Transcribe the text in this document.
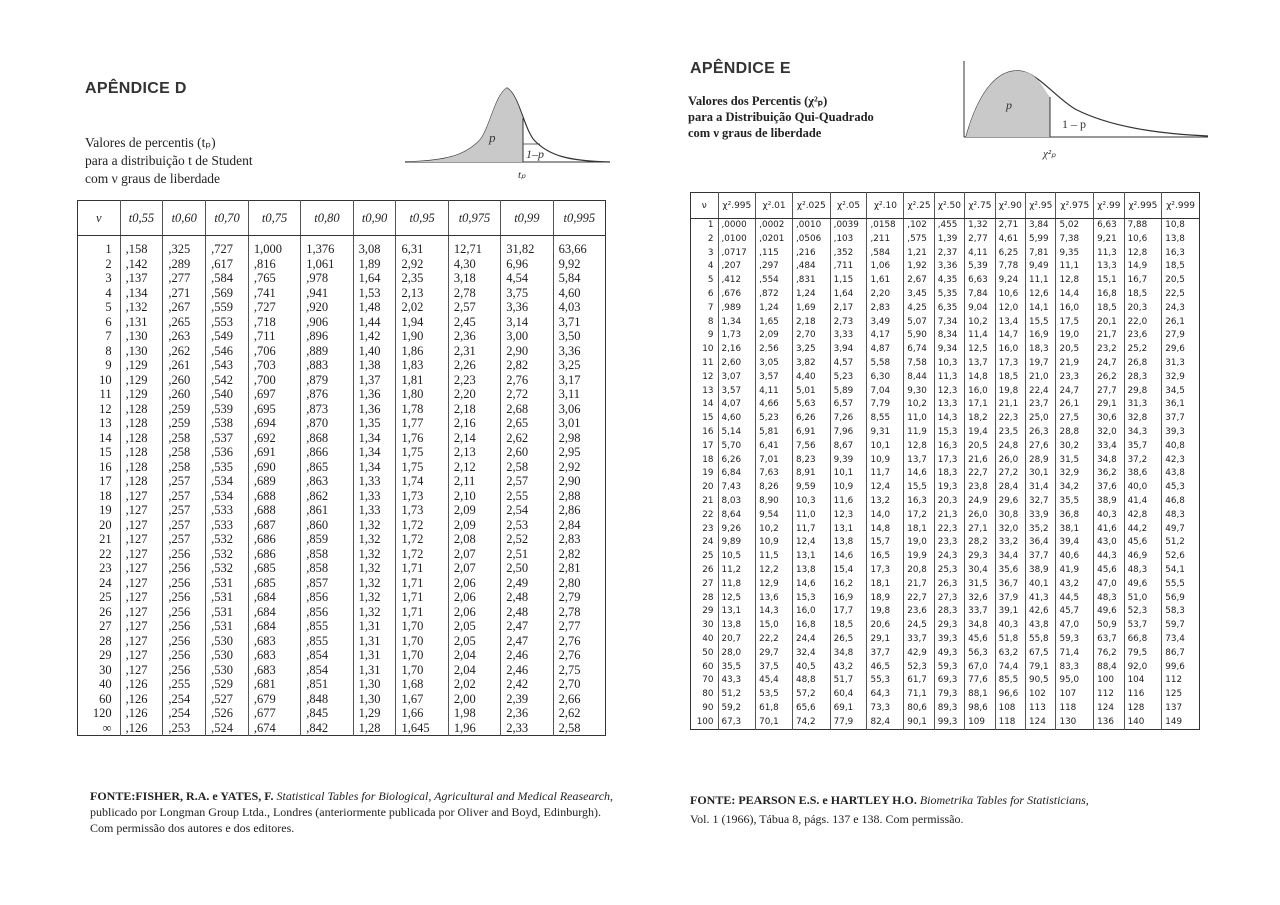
APÊNDICE D
Valores de percentis (tₚ)
para a distribuição t de Student
com ν graus de liberdade
p
1–p
tₚ
ν	t0,55	t0,60	t0,70	t0,75	t0,80	t0,90	t0,95	t0,975	t0,99	t0,995
1	,158	,325	,727	1,000	1,376	3,08	6,31	12,71	31,82	63,66
2	,142	,289	,617	,816	1,061	1,89	2,92	4,30	6,96	9,92
3	,137	,277	,584	,765	,978	1,64	2,35	3,18	4,54	5,84
4	,134	,271	,569	,741	,941	1,53	2,13	2,78	3,75	4,60
5	,132	,267	,559	,727	,920	1,48	2,02	2,57	3,36	4,03
6	,131	,265	,553	,718	,906	1,44	1,94	2,45	3,14	3,71
7	,130	,263	,549	,711	,896	1,42	1,90	2,36	3,00	3,50
8	,130	,262	,546	,706	,889	1,40	1,86	2,31	2,90	3,36
9	,129	,261	,543	,703	,883	1,38	1,83	2,26	2,82	3,25
10	,129	,260	,542	,700	,879	1,37	1,81	2,23	2,76	3,17
11	,129	,260	,540	,697	,876	1,36	1,80	2,20	2,72	3,11
12	,128	,259	,539	,695	,873	1,36	1,78	2,18	2,68	3,06
13	,128	,259	,538	,694	,870	1,35	1,77	2,16	2,65	3,01
14	,128	,258	,537	,692	,868	1,34	1,76	2,14	2,62	2,98
15	,128	,258	,536	,691	,866	1,34	1,75	2,13	2,60	2,95
16	,128	,258	,535	,690	,865	1,34	1,75	2,12	2,58	2,92
17	,128	,257	,534	,689	,863	1,33	1,74	2,11	2,57	2,90
18	,127	,257	,534	,688	,862	1,33	1,73	2,10	2,55	2,88
19	,127	,257	,533	,688	,861	1,33	1,73	2,09	2,54	2,86
20	,127	,257	,533	,687	,860	1,32	1,72	2,09	2,53	2,84
21	,127	,257	,532	,686	,859	1,32	1,72	2,08	2,52	2,83
22	,127	,256	,532	,686	,858	1,32	1,72	2,07	2,51	2,82
23	,127	,256	,532	,685	,858	1,32	1,71	2,07	2,50	2,81
24	,127	,256	,531	,685	,857	1,32	1,71	2,06	2,49	2,80
25	,127	,256	,531	,684	,856	1,32	1,71	2,06	2,48	2,79
26	,127	,256	,531	,684	,856	1,32	1,71	2,06	2,48	2,78
27	,127	,256	,531	,684	,855	1,31	1,70	2,05	2,47	2,77
28	,127	,256	,530	,683	,855	1,31	1,70	2,05	2,47	2,76
29	,127	,256	,530	,683	,854	1,31	1,70	2,04	2,46	2,76
30	,127	,256	,530	,683	,854	1,31	1,70	2,04	2,46	2,75
40	,126	,255	,529	,681	,851	1,30	1,68	2,02	2,42	2,70
60	,126	,254	,527	,679	,848	1,30	1,67	2,00	2,39	2,66
120	,126	,254	,526	,677	,845	1,29	1,66	1,98	2,36	2,62
∞	,126	,253	,524	,674	,842	1,28	1,645	1,96	2,33	2,58
FONTE:FISHER, R.A. e YATES, F. Statistical Tables for Biological, Agricultural and Medical Reasearch, publicado por Longman Group Ltda., Londres (anteriormente publicada por Oliver and Boyd, Edinburgh). Com permissão dos autores e dos editores.
APÊNDICE E
Valores dos Percentis (χ²ₚ)
para a Distribuição Qui-Quadrado
com ν graus de liberdade
p
1 – p
χ²ₚ
ν	χ².995	χ².01	χ².025	χ².05	χ².10	χ².25	χ².50	χ².75	χ².90	χ².95	χ².975	χ².99	χ².995	χ².999
1	,0000	,0002	,0010	,0039	,0158	,102	,455	1,32	2,71	3,84	5,02	6,63	7,88	10,8
2	,0100	,0201	,0506	,103	,211	,575	1,39	2,77	4,61	5,99	7,38	9,21	10,6	13,8
3	,0717	,115	,216	,352	,584	1,21	2,37	4,11	6,25	7,81	9,35	11,3	12,8	16,3
4	,207	,297	,484	,711	1,06	1,92	3,36	5,39	7,78	9,49	11,1	13,3	14,9	18,5
5	,412	,554	,831	1,15	1,61	2,67	4,35	6,63	9,24	11,1	12,8	15,1	16,7	20,5
6	,676	,872	1,24	1,64	2,20	3,45	5,35	7,84	10,6	12,6	14,4	16,8	18,5	22,5
7	,989	1,24	1,69	2,17	2,83	4,25	6,35	9,04	12,0	14,1	16,0	18,5	20,3	24,3
8	1,34	1,65	2,18	2,73	3,49	5,07	7,34	10,2	13,4	15,5	17,5	20,1	22,0	26,1
9	1,73	2,09	2,70	3,33	4,17	5,90	8,34	11,4	14,7	16,9	19,0	21,7	23,6	27,9
10	2,16	2,56	3,25	3,94	4,87	6,74	9,34	12,5	16,0	18,3	20,5	23,2	25,2	29,6
11	2,60	3,05	3,82	4,57	5,58	7,58	10,3	13,7	17,3	19,7	21,9	24,7	26,8	31,3
12	3,07	3,57	4,40	5,23	6,30	8,44	11,3	14,8	18,5	21,0	23,3	26,2	28,3	32,9
13	3,57	4,11	5,01	5,89	7,04	9,30	12,3	16,0	19,8	22,4	24,7	27,7	29,8	34,5
14	4,07	4,66	5,63	6,57	7,79	10,2	13,3	17,1	21,1	23,7	26,1	29,1	31,3	36,1
15	4,60	5,23	6,26	7,26	8,55	11,0	14,3	18,2	22,3	25,0	27,5	30,6	32,8	37,7
16	5,14	5,81	6,91	7,96	9,31	11,9	15,3	19,4	23,5	26,3	28,8	32,0	34,3	39,3
17	5,70	6,41	7,56	8,67	10,1	12,8	16,3	20,5	24,8	27,6	30,2	33,4	35,7	40,8
18	6,26	7,01	8,23	9,39	10,9	13,7	17,3	21,6	26,0	28,9	31,5	34,8	37,2	42,3
19	6,84	7,63	8,91	10,1	11,7	14,6	18,3	22,7	27,2	30,1	32,9	36,2	38,6	43,8
20	7,43	8,26	9,59	10,9	12,4	15,5	19,3	23,8	28,4	31,4	34,2	37,6	40,0	45,3
21	8,03	8,90	10,3	11,6	13,2	16,3	20,3	24,9	29,6	32,7	35,5	38,9	41,4	46,8
22	8,64	9,54	11,0	12,3	14,0	17,2	21,3	26,0	30,8	33,9	36,8	40,3	42,8	48,3
23	9,26	10,2	11,7	13,1	14,8	18,1	22,3	27,1	32,0	35,2	38,1	41,6	44,2	49,7
24	9,89	10,9	12,4	13,8	15,7	19,0	23,3	28,2	33,2	36,4	39,4	43,0	45,6	51,2
25	10,5	11,5	13,1	14,6	16,5	19,9	24,3	29,3	34,4	37,7	40,6	44,3	46,9	52,6
26	11,2	12,2	13,8	15,4	17,3	20,8	25,3	30,4	35,6	38,9	41,9	45,6	48,3	54,1
27	11,8	12,9	14,6	16,2	18,1	21,7	26,3	31,5	36,7	40,1	43,2	47,0	49,6	55,5
28	12,5	13,6	15,3	16,9	18,9	22,7	27,3	32,6	37,9	41,3	44,5	48,3	51,0	56,9
29	13,1	14,3	16,0	17,7	19,8	23,6	28,3	33,7	39,1	42,6	45,7	49,6	52,3	58,3
30	13,8	15,0	16,8	18,5	20,6	24,5	29,3	34,8	40,3	43,8	47,0	50,9	53,7	59,7
40	20,7	22,2	24,4	26,5	29,1	33,7	39,3	45,6	51,8	55,8	59,3	63,7	66,8	73,4
50	28,0	29,7	32,4	34,8	37,7	42,9	49,3	56,3	63,2	67,5	71,4	76,2	79,5	86,7
60	35,5	37,5	40,5	43,2	46,5	52,3	59,3	67,0	74,4	79,1	83,3	88,4	92,0	99,6
70	43,3	45,4	48,8	51,7	55,3	61,7	69,3	77,6	85,5	90,5	95,0	100	104	112
80	51,2	53,5	57,2	60,4	64,3	71,1	79,3	88,1	96,6	102	107	112	116	125
90	59,2	61,8	65,6	69,1	73,3	80,6	89,3	98,6	108	113	118	124	128	137
100	67,3	70,1	74,2	77,9	82,4	90,1	99,3	109	118	124	130	136	140	149
FONTE: PEARSON E.S. e HARTLEY H.O. Biometrika Tables for Statisticians,
Vol. 1 (1966), Tábua 8, págs. 137 e 138. Com permissão.
